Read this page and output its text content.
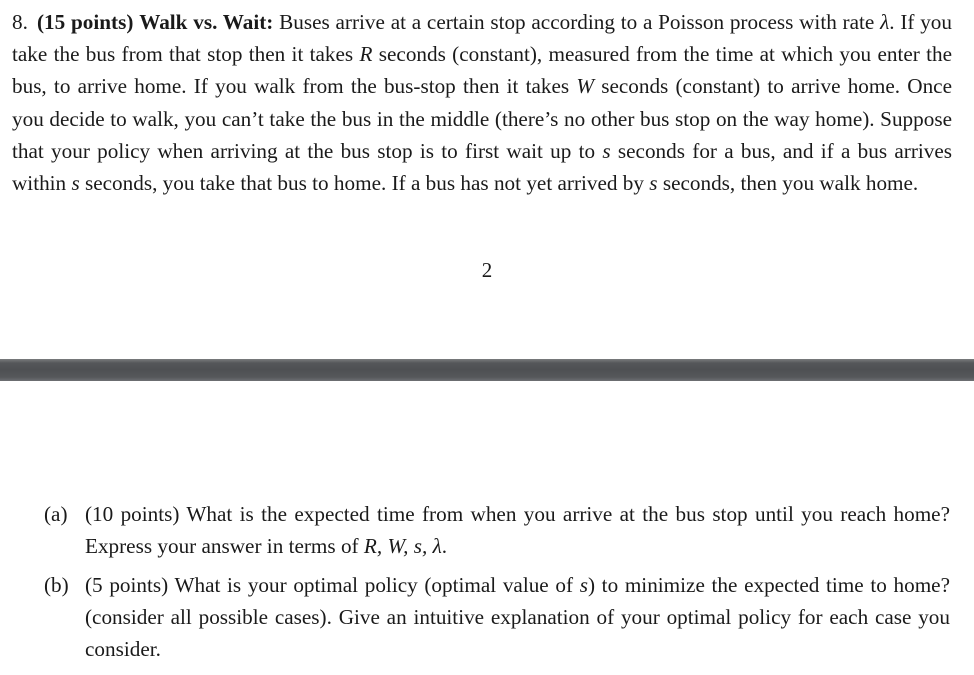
8. (15 points) Walk vs. Wait: Buses arrive at a certain stop according to a Poisson process with rate λ. If you take the bus from that stop then it takes R seconds (constant), measured from the time at which you enter the bus, to arrive home. If you walk from the bus-stop then it takes W seconds (constant) to arrive home. Once you decide to walk, you can’t take the bus in the middle (there’s no other bus stop on the way home). Suppose that your policy when arriving at the bus stop is to first wait up to s seconds for a bus, and if a bus arrives within s seconds, you take that bus to home. If a bus has not yet arrived by s seconds, then you walk home.
2
(a) (10 points) What is the expected time from when you arrive at the bus stop until you reach home? Express your answer in terms of R, W, s, λ.
(b) (5 points) What is your optimal policy (optimal value of s) to minimize the expected time to home? (consider all possible cases). Give an intuitive explanation of your optimal policy for each case you consider.
